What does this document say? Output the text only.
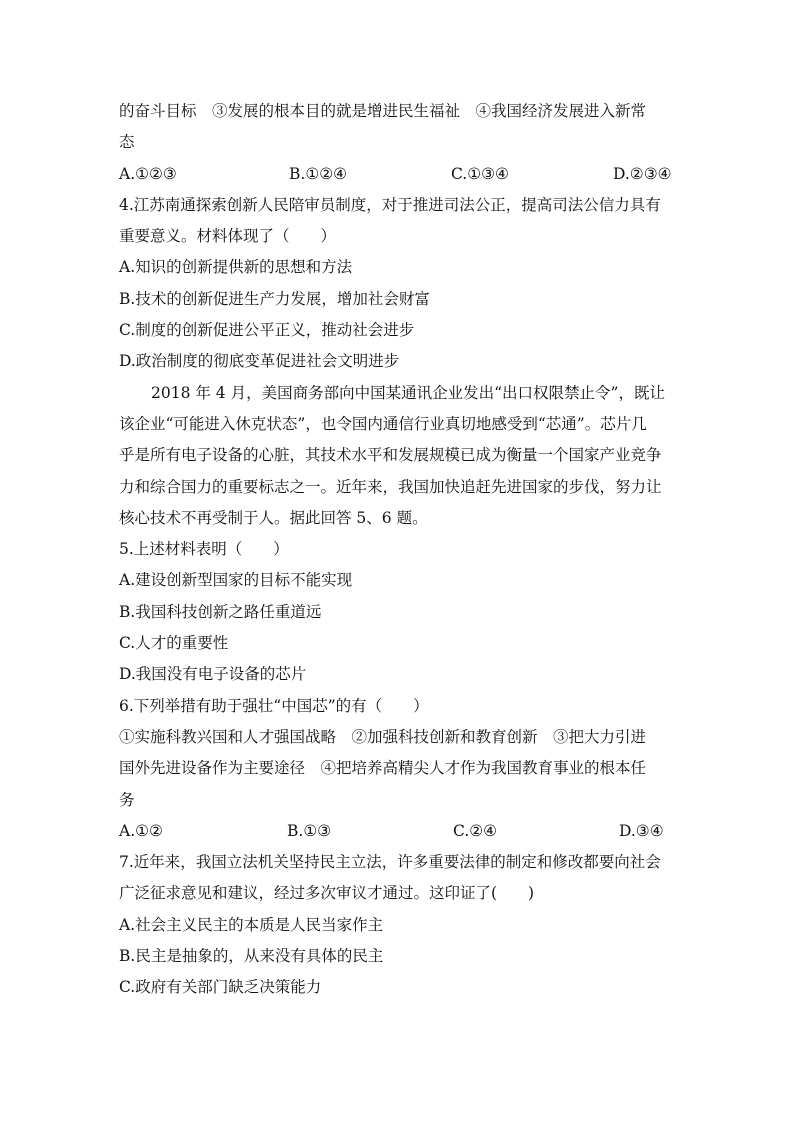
的奋斗目标　③发展的根本目的就是增进民生福祉　④我国经济发展进入新常
态
A.①②③	B.①②④	C.①③④	D.②③④
4.江苏南通探索创新人民陪审员制度，对于推进司法公正，提高司法公信力具有
重要意义。材料体现了（　　）
A.知识的创新提供新的思想和方法
B.技术的创新促进生产力发展，增加社会财富
C.制度的创新促进公平正义，推动社会进步
D.政治制度的彻底变革促进社会文明进步
2018 年 4 月，美国商务部向中国某通讯企业发出“出口权限禁止令”，既让
该企业“可能进入休克状态”，也令国内通信行业真切地感受到“芯通”。芯片几
乎是所有电子设备的心脏，其技术水平和发展规模已成为衡量一个国家产业竞争
力和综合国力的重要标志之一。近年来，我国加快追赶先进国家的步伐，努力让
核心技术不再受制于人。据此回答 5、6 题。
5.上述材料表明（　　）
A.建设创新型国家的目标不能实现
B.我国科技创新之路任重道远
C.人才的重要性
D.我国没有电子设备的芯片
6.下列举措有助于强壮“中国芯”的有（　　）
①实施科教兴国和人才强国战略　②加强科技创新和教育创新　③把大力引进
国外先进设备作为主要途径　④把培养高精尖人才作为我国教育事业的根本任
务
A.①②	B.①③	C.②④	D.③④
7.近年来，我国立法机关坚持民主立法，许多重要法律的制定和修改都要向社会
广泛征求意见和建议，经过多次审议才通过。这印证了(　　)
A.社会主义民主的本质是人民当家作主
B.民主是抽象的，从来没有具体的民主
C.政府有关部门缺乏决策能力
